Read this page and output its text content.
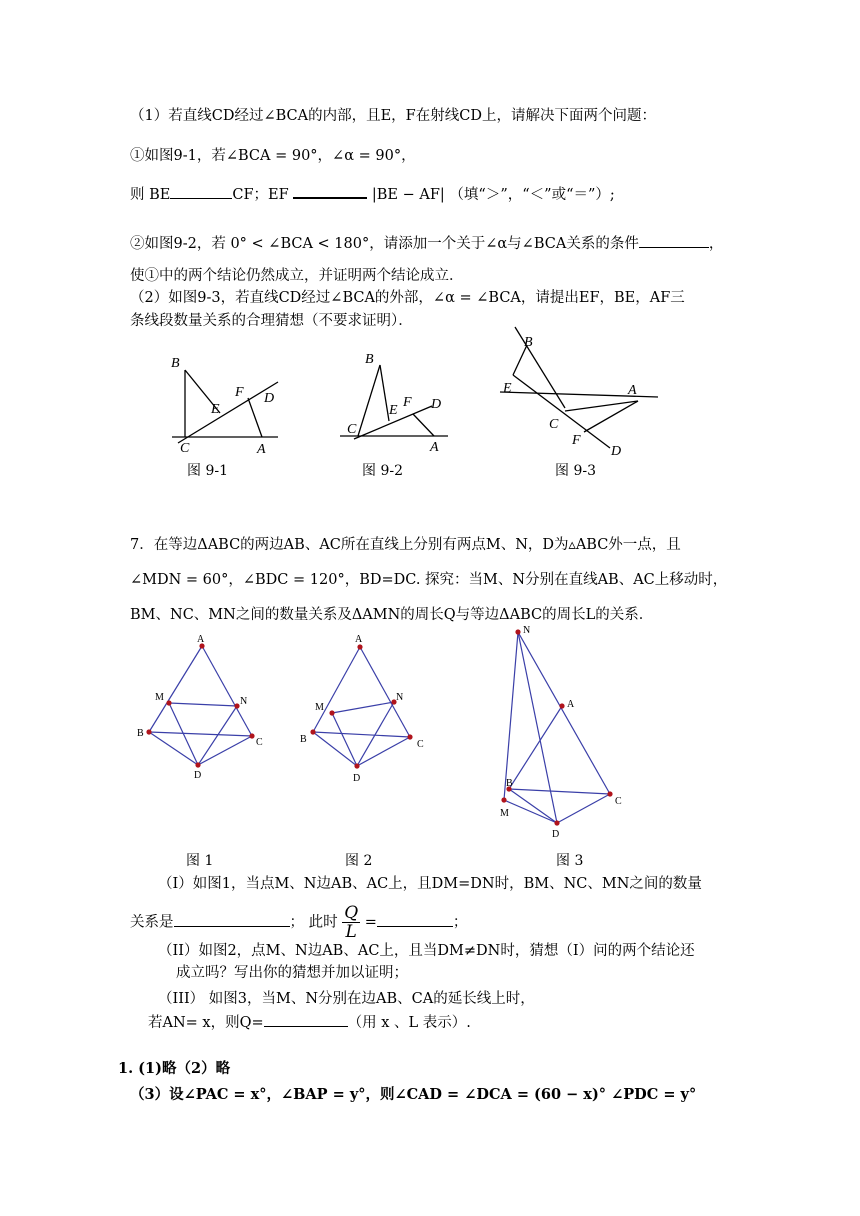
（1）若直线CD经过∠BCA的内部，且E，F在射线CD上，请解决下面两个问题：
①如图9-1，若∠BCA = 90°，∠α = 90°，
则 BE	CF；EF	|BE − AF| （填“＞”，“＜”或“＝”）;
②如图9-2，若 0° < ∠BCA < 180°，请添加一个关于∠α与∠BCA关系的条件	，
使①中的两个结论仍然成立，并证明两个结论成立．
（2）如图9-3，若直线CD经过∠BCA的外部，∠α = ∠BCA，请提出EF，BE，AF三
条线段数量关系的合理猜想（不要求证明）．
B
E
F D
C	A
B
E
F D
C
A
B
E	A
C
F
D
图 9-1	图 9-2	图 9-3
7．在等边ΔABC的两边AB、AC所在直线上分别有两点M、N，D为▵ABC外一点，且
∠MDN = 60°，∠BDC = 120°，BD=DC. 探究：当M、N分别在直线AB、AC上移动时，
BM、NC、MN之间的数量关系及ΔAMN的周长Q与等边ΔABC的周长L的关系．
A
M	N
B
C
D
A
M
N
B	C
D
N
A
B
C
M
D
图 1	图 2	图 3
（I）如图1，当点M、N边AB、AC上，且DM=DN时，BM、NC、MN之间的数量
关系是	； 此时 $\frac{Q}{L}$ =	；
（II）如图2，点M、N边AB、AC上，且当DM≠DN时，猜想（I）问的两个结论还
成立吗？写出你的猜想并加以证明；
（III） 如图3，当M、N分别在边AB、CA的延长线上时，
若AN= x，则Q=	（用 x 、L 表示）.
1. (1)略（2）略
（3）设∠PAC = x°，∠BAP = y°，则∠CAD = ∠DCA = (60 − x)° ∠PDC = y°
